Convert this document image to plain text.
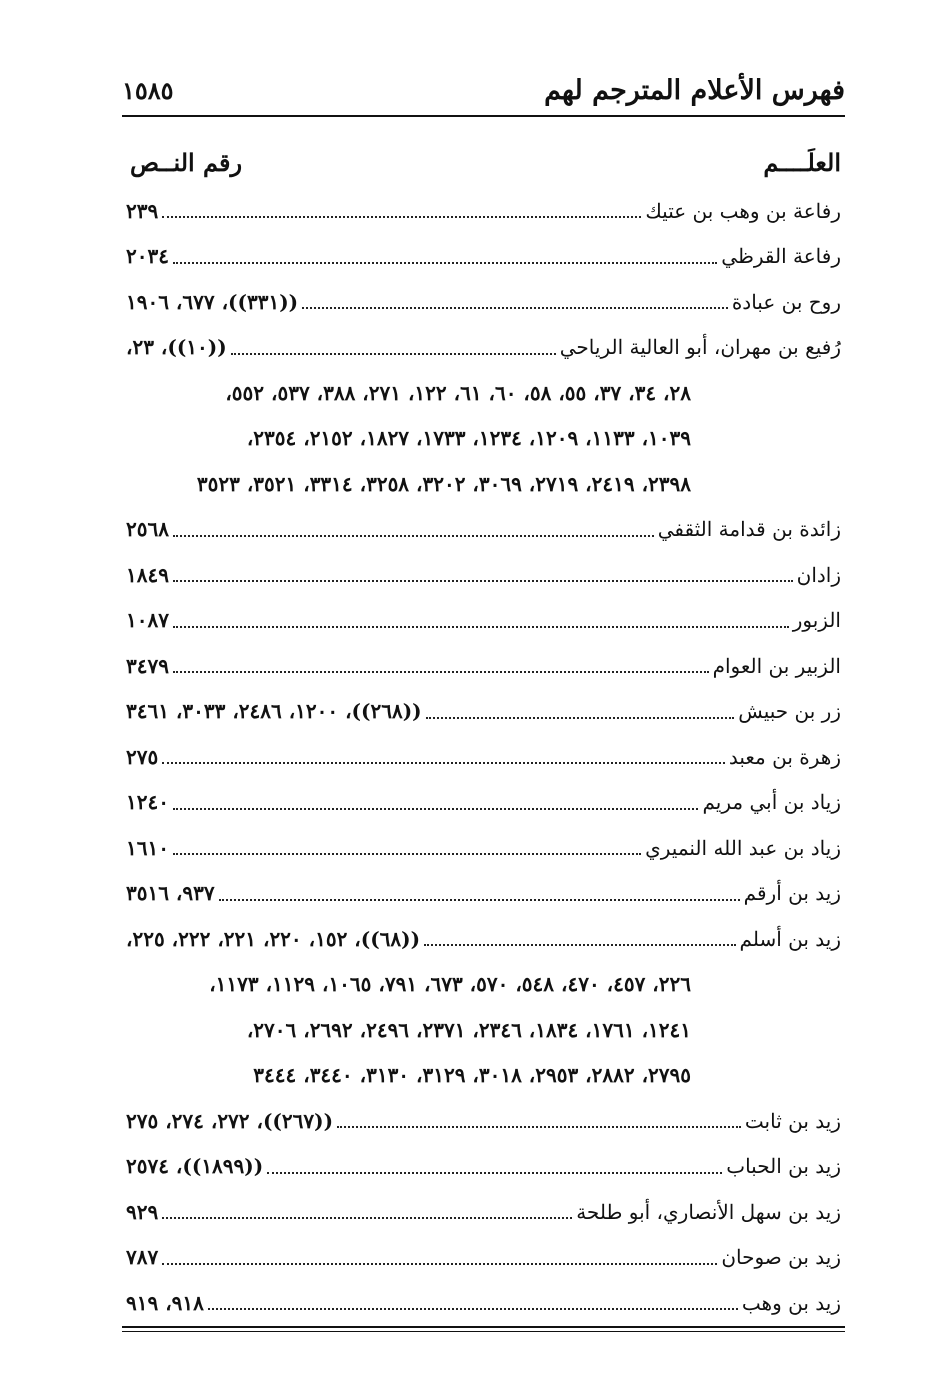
فهرس الأعلام المترجم لهم
١٥٨٥
العلَــــم
رقم النــص
رفاعة بن وهب بن عتيك
٢٣٩
رفاعة القرظي
٢٠٣٤
روح بن عبادة
((٣٣١))، ٦٧٧، ١٩٠٦
رُفيع بن مهران، أبو العالية الرياحي
((١٠))، ٢٣،
٢٨، ٣٤، ٣٧، ٥٥، ٥٨، ٦٠، ٦١، ١٢٢، ٢٧١، ٣٨٨، ٥٣٧، ٥٥٢،
١٠٣٩، ١١٣٣، ١٢٠٩، ١٢٣٤، ١٧٣٣، ١٨٢٧، ٢١٥٢، ٢٣٥٤،
٢٣٩٨، ٢٤١٩، ٢٧١٩، ٣٠٦٩، ٣٢٠٢، ٣٢٥٨، ٣٣١٤، ٣٥٢١، ٣٥٢٣
زائدة بن قدامة الثقفي
٢٥٦٨
زادان
١٨٤٩
الزبور
١٠٨٧
الزبير بن العوام
٣٤٧٩
زر بن حبيش
((٢٦٨))، ١٢٠٠، ٢٤٨٦، ٣٠٣٣، ٣٤٦١
زهرة بن معبد
٢٧٥
زياد بن أبي مريم
١٢٤٠
زياد بن عبد الله النميري
١٦١٠
زيد بن أرقم
٩٣٧، ٣٥١٦
زيد بن أسلم
((٦٨))، ١٥٢، ٢٢٠، ٢٢١، ٢٢٢، ٢٢٥،
٢٢٦، ٤٥٧، ٤٧٠، ٥٤٨، ٥٧٠، ٦٧٣، ٧٩١، ١٠٦٥، ١١٢٩، ١١٧٣،
١٢٤١، ١٧٦١، ١٨٣٤، ٢٣٤٦، ٢٣٧١، ٢٤٩٦، ٢٦٩٢، ٢٧٠٦،
٢٧٩٥، ٢٨٨٢، ٢٩٥٣، ٣٠١٨، ٣١٢٩، ٣١٣٠، ٣٤٤٠، ٣٤٤٤
زيد بن ثابت
((٢٦٧))، ٢٧٢، ٢٧٤، ٢٧٥
زيد بن الحباب
((١٨٩٩))، ٢٥٧٤
زيد بن سهل الأنصاري، أبو طلحة
٩٢٩
زيد بن صوحان
٧٨٧
زيد بن وهب
٩١٨، ٩١٩
